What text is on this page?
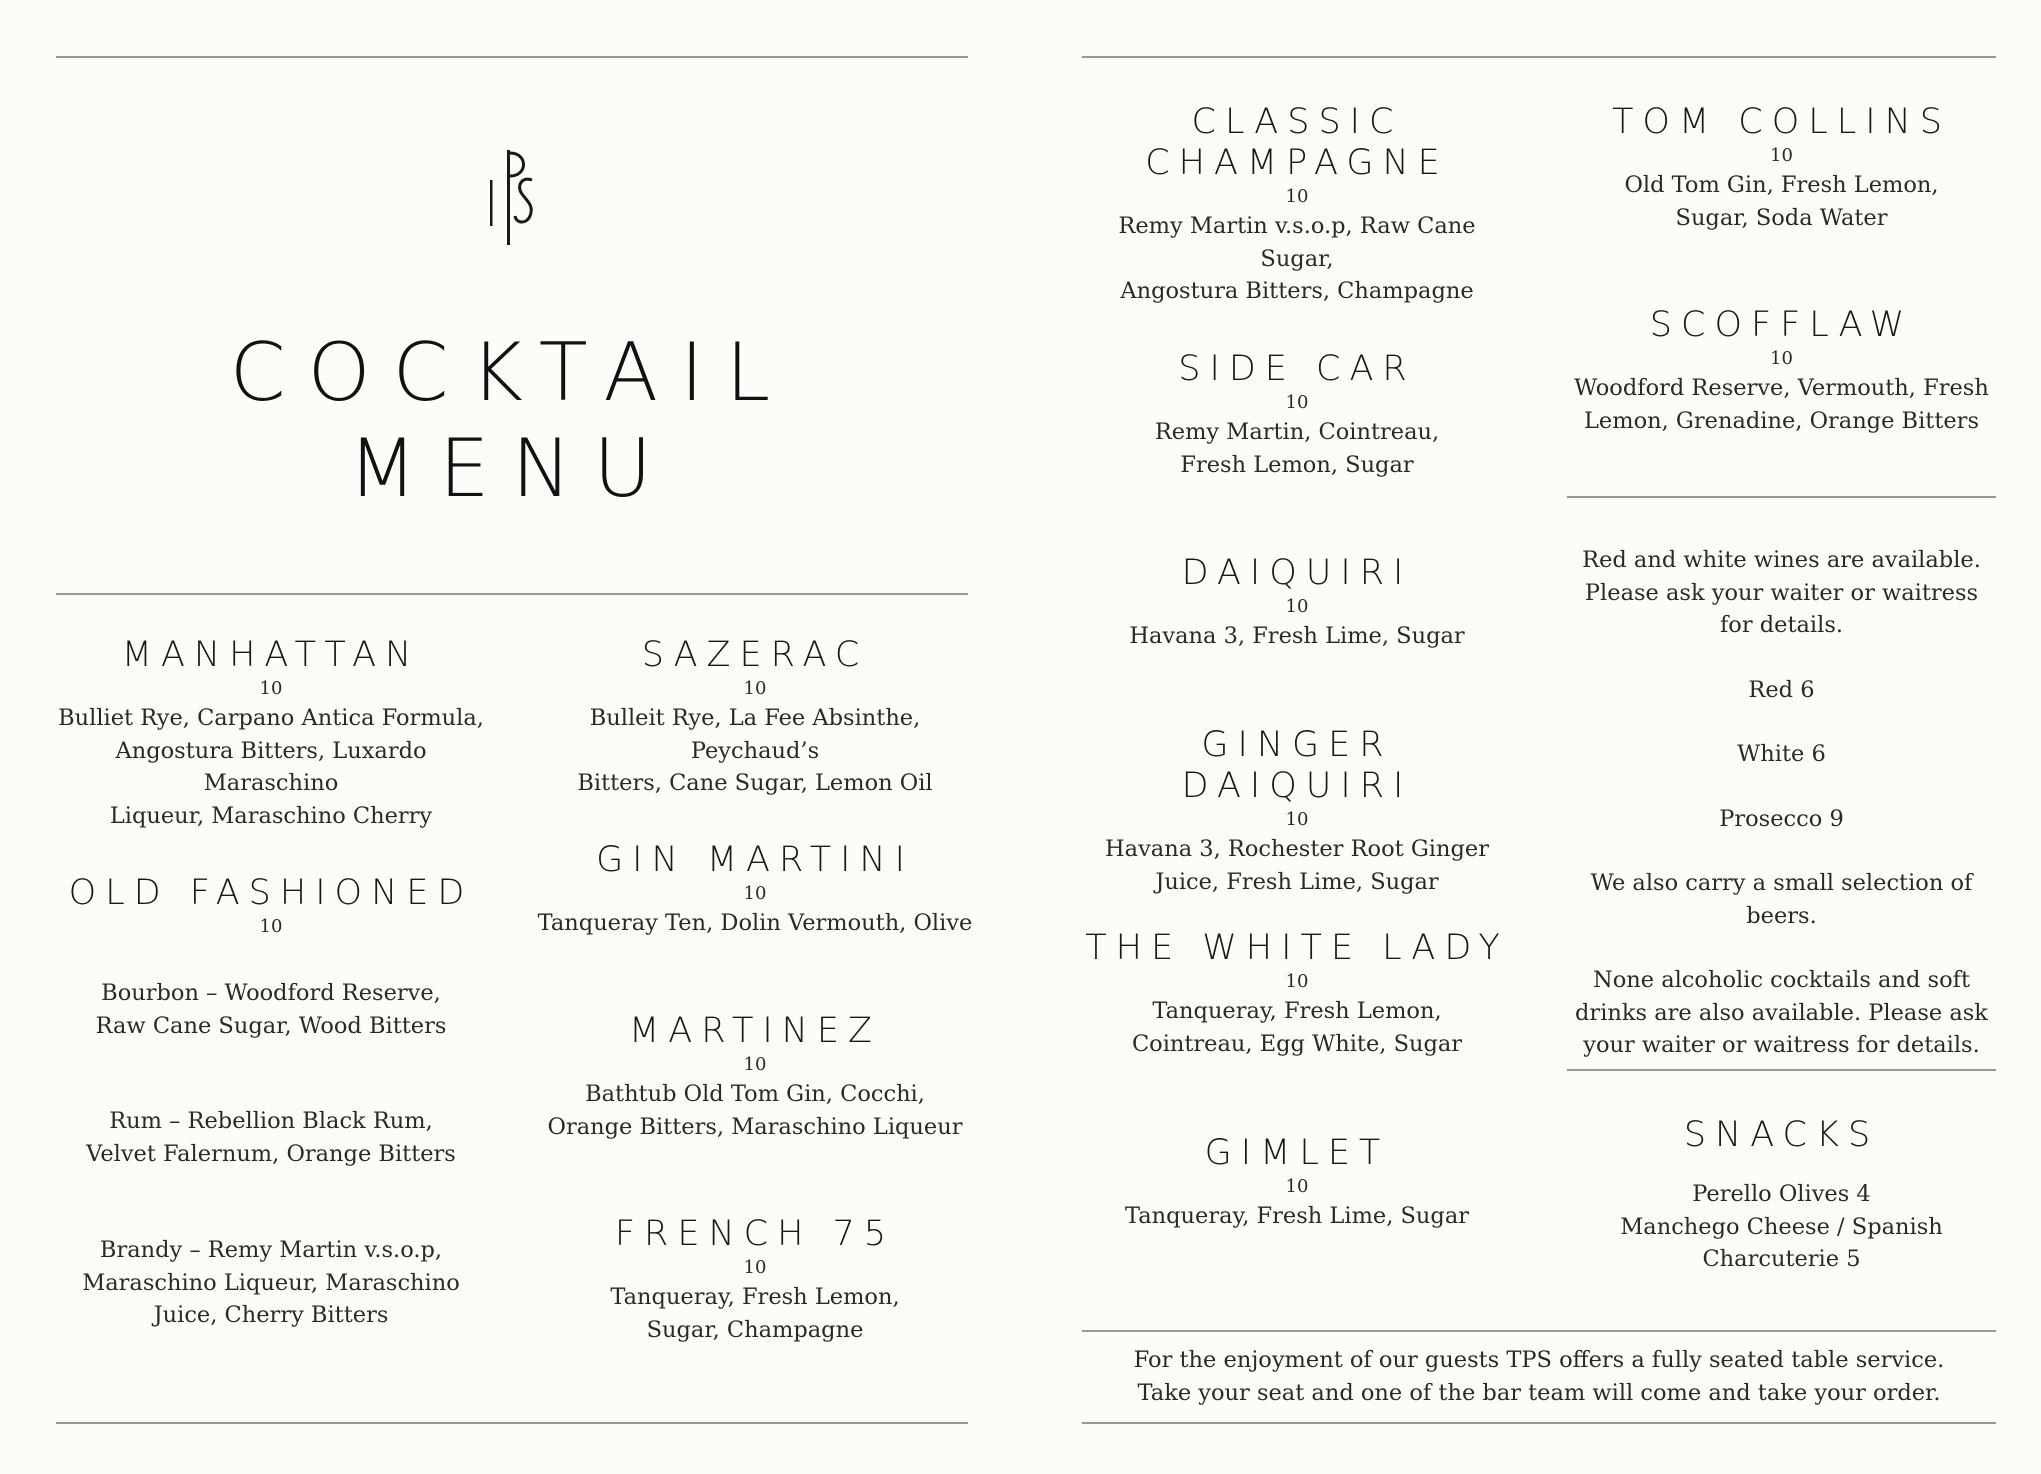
COCKTAIL
MENU
MANHATTAN
10
Bulliet Rye, Carpano Antica Formula,
Angostura Bitters, Luxardo Maraschino
Liqueur, Maraschino Cherry
OLD FASHIONED
10
Bourbon – Woodford Reserve,
Raw Cane Sugar, Wood Bitters
Rum – Rebellion Black Rum,
Velvet Falernum, Orange Bitters
Brandy – Remy Martin v.s.o.p,
Maraschino Liqueur, Maraschino
Juice, Cherry Bitters
SAZERAC
10
Bulleit Rye, La Fee Absinthe, Peychaud’s
Bitters, Cane Sugar, Lemon Oil
GIN MARTINI
10
Tanqueray Ten, Dolin Vermouth, Olive
MARTINEZ
10
Bathtub Old Tom Gin, Cocchi,
Orange Bitters, Maraschino Liqueur
FRENCH 75
10
Tanqueray, Fresh Lemon,
Sugar, Champagne
CLASSIC
CHAMPAGNE
10
Remy Martin v.s.o.p, Raw Cane Sugar,
Angostura Bitters, Champagne
SIDE CAR
10
Remy Martin, Cointreau,
Fresh Lemon, Sugar
DAIQUIRI
10
Havana 3, Fresh Lime, Sugar
GINGER DAIQUIRI
10
Havana 3, Rochester Root Ginger
Juice, Fresh Lime, Sugar
THE WHITE LADY
10
Tanqueray, Fresh Lemon,
Cointreau, Egg White, Sugar
GIMLET
10
Tanqueray, Fresh Lime, Sugar
TOM COLLINS
10
Old Tom Gin, Fresh Lemon,
Sugar, Soda Water
SCOFFLAW
10
Woodford Reserve, Vermouth, Fresh
Lemon, Grenadine, Orange Bitters
Red and white wines are available.
Please ask your waiter or waitress
for details.
Red 6
White 6
Prosecco 9
We also carry a small selection of beers.
None alcoholic cocktails and soft
drinks are also available. Please ask
your waiter or waitress for details.
SNACKS
Perello Olives 4
Manchego Cheese / Spanish
Charcuterie 5
For the enjoyment of our guests TPS offers a fully seated table service.
Take your seat and one of the bar team will come and take your order.
